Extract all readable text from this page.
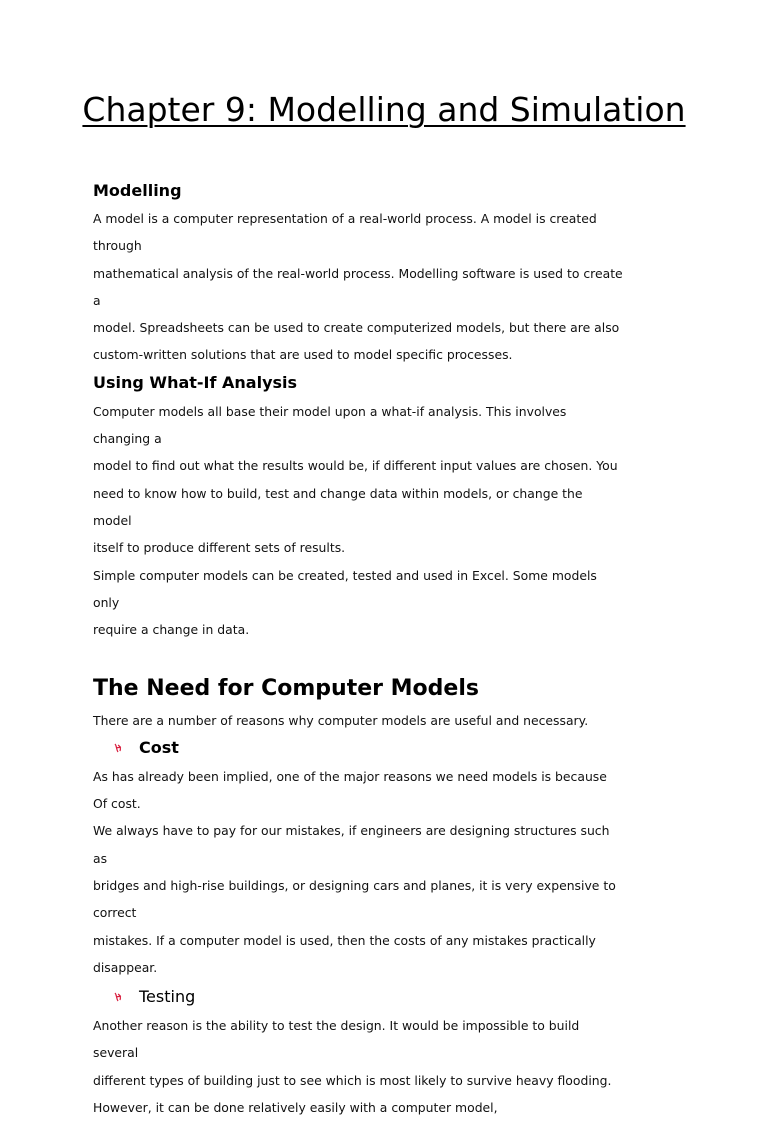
Chapter 9: Modelling and Simulation
Modelling

A model is a computer representation of a real-world process. A model is created through

mathematical analysis of the real-world process. Modelling software is used to create a

model. Spreadsheets can be used to create computerized models, but there are also

custom-written solutions that are used to model specific processes.

Using What-If Analysis

Computer models all base their model upon a what-if analysis. This involves changing a

model to find out what the results would be, if different input values are chosen. You

need to know how to build, test and change data within models, or change the model

itself to produce different sets of results.

Simple computer models can be created, tested and used in Excel. Some models only

require a change in data.

The Need for Computer Models

There are a number of reasons why computer models are useful and necessary.

Cost

As has already been implied, one of the major reasons we need models is because Of cost.

We always have to pay for our mistakes, if engineers are designing structures such as

bridges and high-rise buildings, or designing cars and planes, it is very expensive to correct

mistakes. If a computer model is used, then the costs of any mistakes practically

disappear.

Testing

Another reason is the ability to test the design. It would be impossible to build several

different types of building just to see which is most likely to survive heavy flooding.

However, it can be done relatively easily with a computer model,
